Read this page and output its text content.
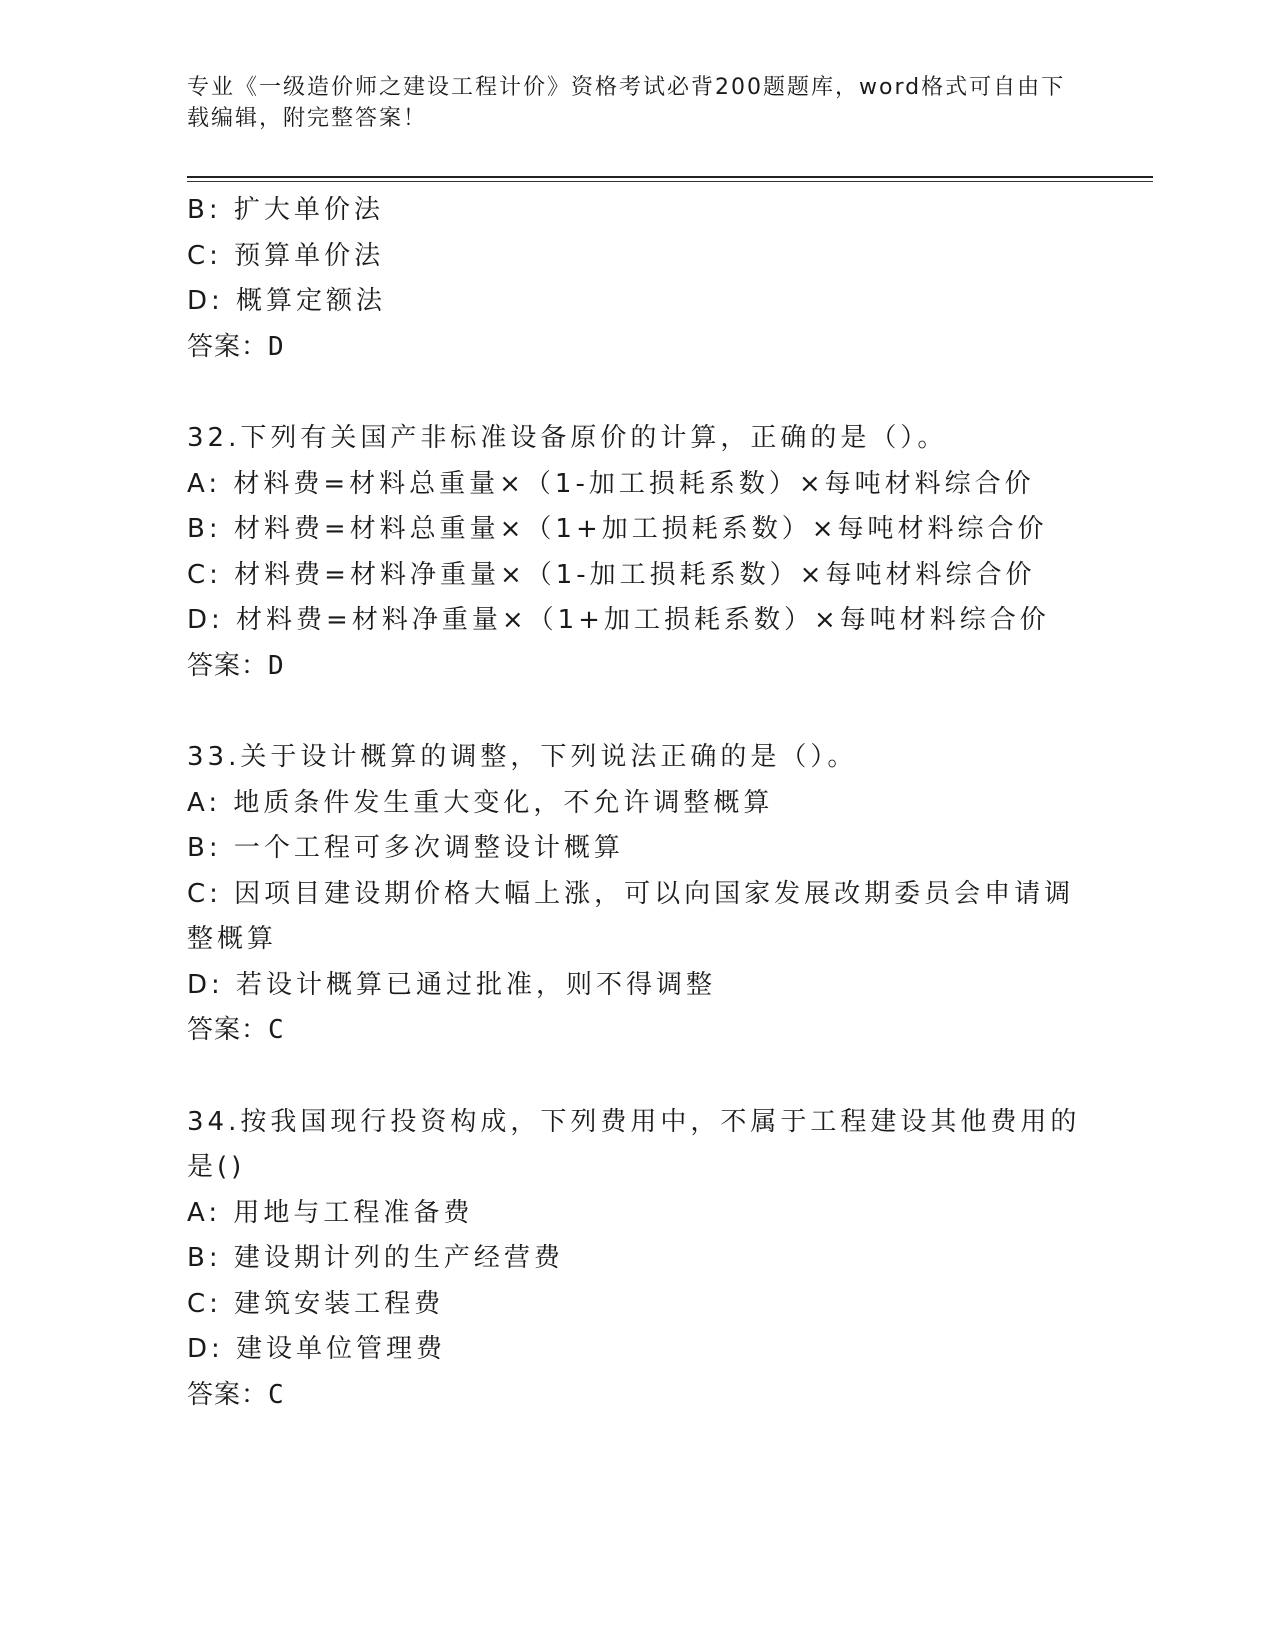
专业《一级造价师之建设工程计价》资格考试必背200题题库，word格式可自由下载编辑，附完整答案！
B: 扩大单价法
C: 预算单价法
D: 概算定额法
答案：D
32.下列有关国产非标准设备原价的计算，正确的是（）。
A: 材料费=材料总重量×（1-加工损耗系数）×每吨材料综合价
B: 材料费=材料总重量×（1+加工损耗系数）×每吨材料综合价
C: 材料费=材料净重量×（1-加工损耗系数）×每吨材料综合价
D: 材料费=材料净重量×（1+加工损耗系数）×每吨材料综合价
答案：D
33.关于设计概算的调整，下列说法正确的是（）。
A: 地质条件发生重大变化，不允许调整概算
B: 一个工程可多次调整设计概算
C: 因项目建设期价格大幅上涨，可以向国家发展改期委员会申请调整概算
D: 若设计概算已通过批准，则不得调整
答案：C
34.按我国现行投资构成，下列费用中，不属于工程建设其他费用的是()
A: 用地与工程准备费
B: 建设期计列的生产经营费
C: 建筑安装工程费
D: 建设单位管理费
答案：C
